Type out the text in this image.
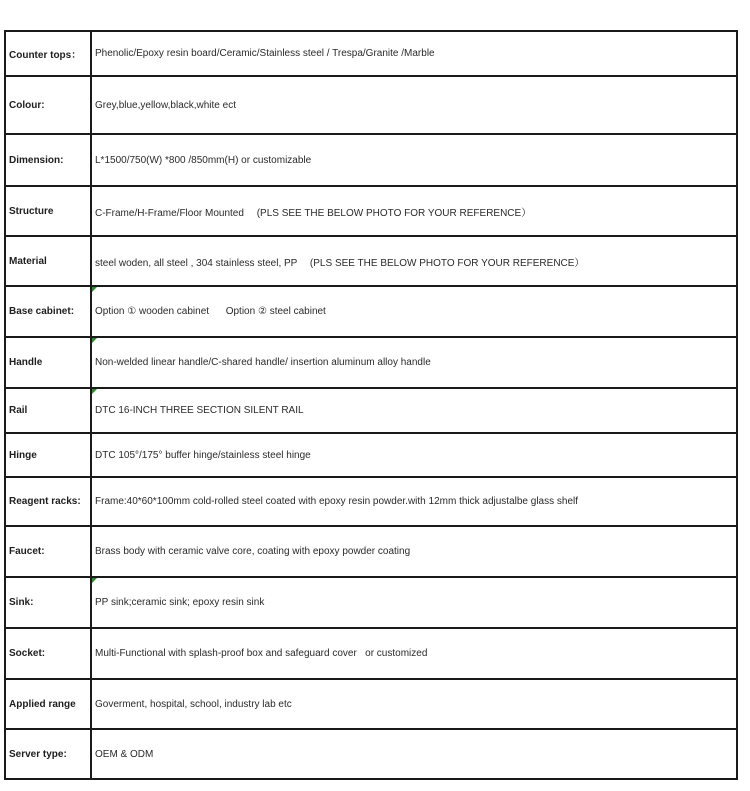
Counter tops：	Phenolic/Epoxy resin board/Ceramic/Stainless steel / Trespa/Granite /Marble
Colour:	Grey,blue,yellow,black,white ect
Dimension:	L*1500/750(W) *800 /850mm(H) or customizable
Structure	C-Frame/H-Frame/Floor Mounted 　(PLS SEE THE BELOW PHOTO FOR YOUR REFERENCE）
Material	steel woden, all steel , 304 stainless steel, PP 　(PLS SEE THE BELOW PHOTO FOR YOUR REFERENCE）
Base cabinet:	Option ① wooden cabinet      Option ② steel cabinet
Handle	Non-welded linear handle/C-shared handle/ insertion aluminum alloy handle
Rail	DTC 16-INCH THREE SECTION SILENT RAIL
Hinge	DTC 105°/175° buffer hinge/stainless steel hinge
Reagent racks:	Frame:40*60*100mm cold-rolled steel coated with epoxy resin powder.with 12mm thick adjustalbe glass shelf
Faucet:	Brass body with ceramic valve core, coating with epoxy powder coating
Sink:	PP sink;ceramic sink; epoxy resin sink
Socket:	Multi-Functional with splash-proof box and safeguard cover   or customized
Applied range	Goverment, hospital, school, industry lab etc
Server type:	OEM & ODM
